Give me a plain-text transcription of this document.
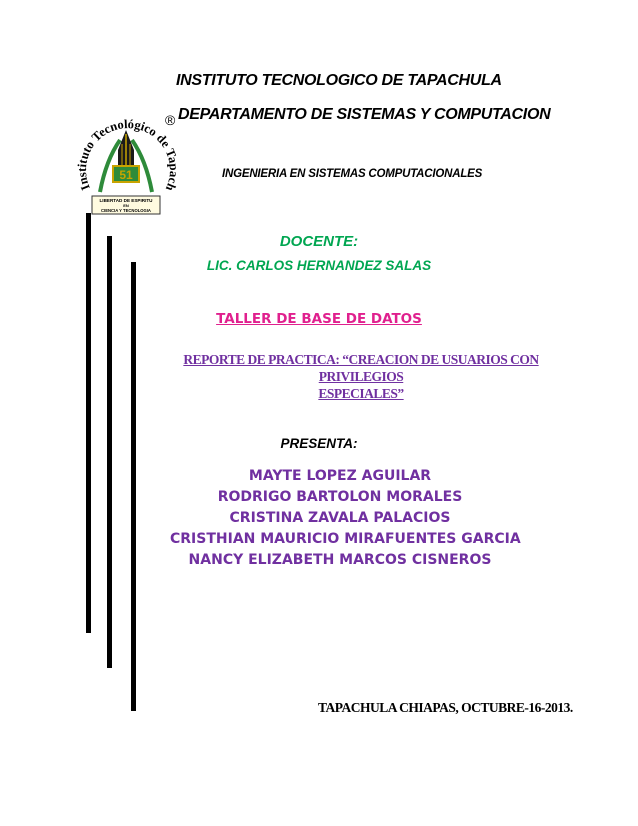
Instituto Tecnológico de Tapach
51
LIBERTAD DE ESPIRITU
EN
CIENCIA Y TECNOLOGIA
®
INSTITUTO TECNOLOGICO DE TAPACHULA
DEPARTAMENTO DE SISTEMAS Y COMPUTACION
INGENIERIA EN SISTEMAS COMPUTACIONALES
DOCENTE:
LIC. CARLOS HERNANDEZ SALAS
TALLER DE BASE DE DATOS
REPORTE DE PRACTICA: “CREACION DE USUARIOS CON PRIVILEGIOS
ESPECIALES”
PRESENTA:
MAYTE LOPEZ AGUILAR
RODRIGO BARTOLON MORALES
CRISTINA ZAVALA PALACIOS
CRISTHIAN MAURICIO MIRAFUENTES GARCIA
NANCY ELIZABETH MARCOS CISNEROS
TAPACHULA CHIAPAS, OCTUBRE-16-2013.
